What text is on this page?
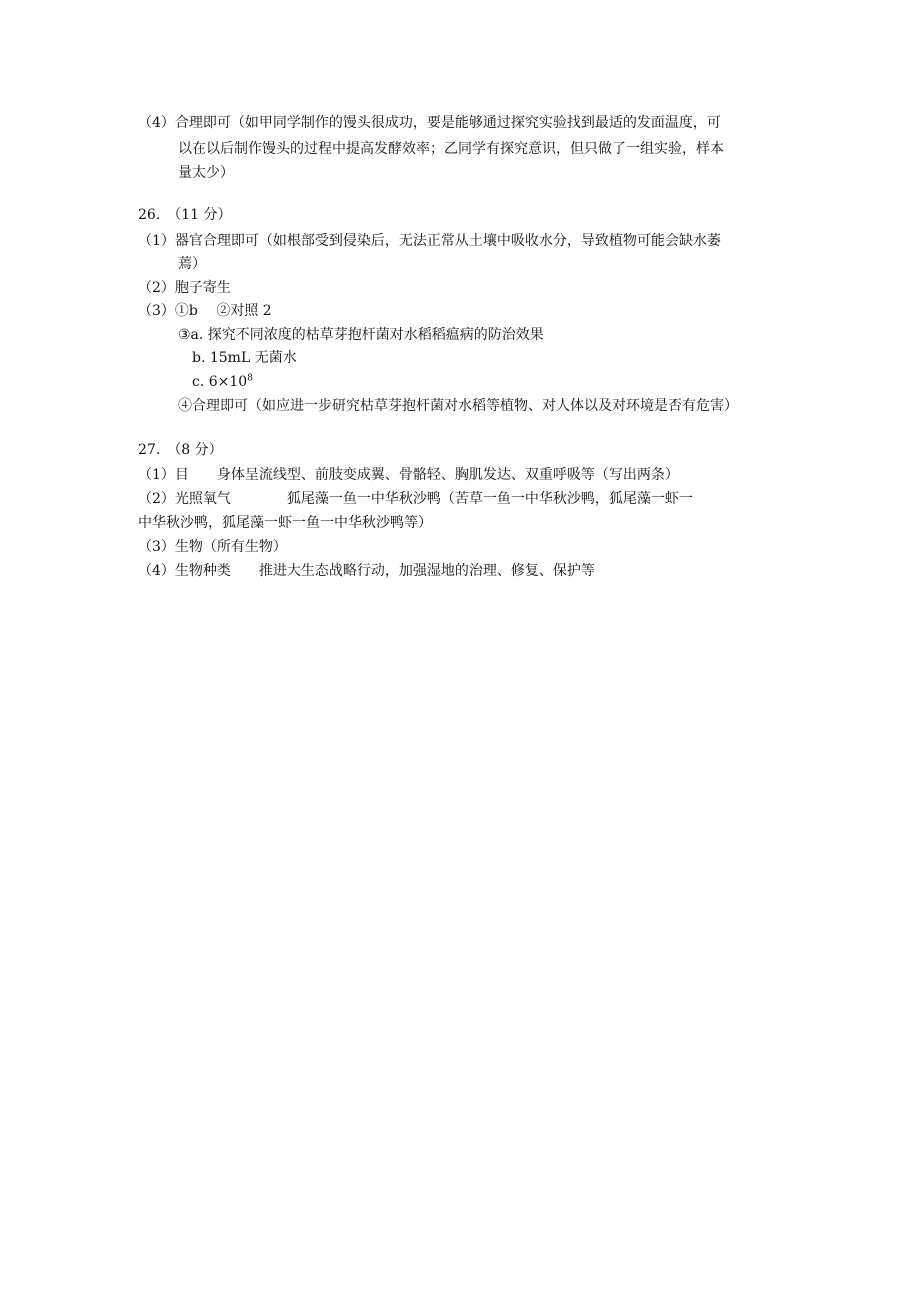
（4）合理即可（如甲同学制作的馒头很成功，要是能够通过探究实验找到最适的发面温度，可
以在以后制作馒头的过程中提高发酵效率；乙同学有探究意识，但只做了一组实验，样本
量太少）
26.　（11 分）
（1）器官合理即可（如根部受到侵染后，无法正常从土壤中吸收水分，导致植物可能会缺水萎
蔫）
（2）胞子寄生
（3）①b　 ②对照 2
③a. 探究不同浓度的枯草芽抱杆菌对水稻稻瘟病的防治效果
b. 15mL 无菌水
c. $6\times 10^8$
④合理即可（如应进一步研究枯草芽抱杆菌对水稻等植物、对人体以及对环境是否有危害）
27.　（8 分）
（1）目　　身体呈流线型、前肢变成翼、骨骼轻、胸肌发达、双重呼吸等（写出两条）
（2）光照氧气　　　　狐尾藻一鱼一中华秋沙鸭（苦草一鱼一中华秋沙鸭，狐尾藻一虾一
中华秋沙鸭，狐尾藻一虾一鱼一中华秋沙鸭等）
（3）生物（所有生物）
（4）生物种类　　推进大生态战略行动，加强湿地的治理、修复、保护等
